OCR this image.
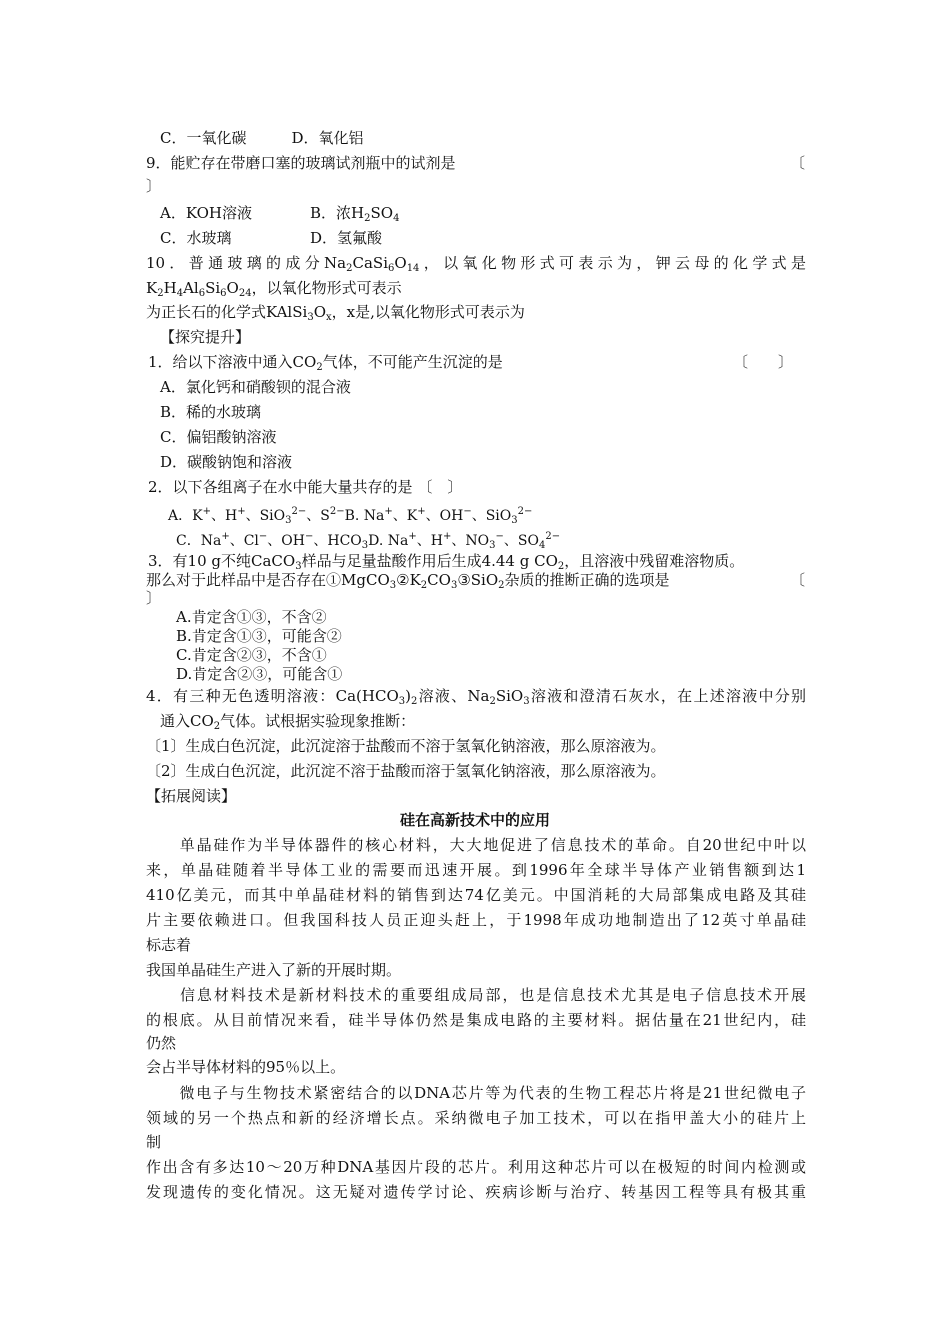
C．一氧化碳　　　D．氧化铝
9．能贮存在带磨口塞的玻璃试剂瓶中的试剂是	〔
〕
A．KOH溶液	B．浓$H_2SO_4$
C．水玻璃	D．氢氟酸
10．普通玻璃的成分$Na_2CaSi_6O_{14}$，以氧化物形式可表示为，钾云母的化学式是
$K_2H_4Al_6Si_6O_{24}$，以氧化物形式可表示
为正长石的化学式$KAlSi_3O_x$，x是,以氧化物形式可表示为
【探究提升】
1．给以下溶液中通入$CO_2$气体，不可能产生沉淀的是	〔　　〕
A．氯化钙和硝酸钡的混合液
B．稀的水玻璃
C．偏铝酸钠溶液
D．碳酸钠饱和溶液
2．以下各组离子在水中能大量共存的是 〔　〕
A．K+、H+、SiO$_3^{2-}$、$S^{2-}B$. Na+、K+、OH−、SiO$_3^{2-}$
C．Na+、Cl−、OH−、$HCO_3D$. Na+、H+、$NO_3^-$、$SO_4^{2-}$
3．有10 g不纯CaCO$_3$样品与足量盐酸作用后生成4.44 g $CO_2$，且溶液中残留难溶物质。
那么对于此样品中是否存在$①MgCO_3②K_2CO_3③SiO_2$杂质的推断正确的选项是	〔
〕
A.肯定含①③，不含②
B.肯定含①③，可能含②
C.肯定含②③，不含①
D.肯定含②③，可能含①
4．有三种无色透明溶液：$Ca(HCO_3)_2$溶液、$Na_2SiO_3$溶液和澄清石灰水，在上述溶液中分别
通入$CO_2$气体。试根据实验现象推断：
〔1〕生成白色沉淀，此沉淀溶于盐酸而不溶于氢氧化钠溶液，那么原溶液为。
〔2〕生成白色沉淀，此沉淀不溶于盐酸而溶于氢氧化钠溶液，那么原溶液为。
【拓展阅读】
硅在高新技术中的应用
　　单晶硅作为半导体器件的核心材料，大大地促进了信息技术的革命。自20世纪中叶以
来，单晶硅随着半导体工业的需要而迅速开展。到1996年全球半导体产业销售额到达1
410亿美元，而其中单晶硅材料的销售到达74亿美元。中国消耗的大局部集成电路及其硅
片主要依赖进口。但我国科技人员正迎头赶上，于1998年成功地制造出了12英寸单晶硅
标志着
我国单晶硅生产进入了新的开展时期。
　　信息材料技术是新材料技术的重要组成局部，也是信息技术尤其是电子信息技术开展
的根底。从目前情况来看，硅半导体仍然是集成电路的主要材料。据估量在21世纪内，硅
仍然
会占半导体材料的95％以上。
　　微电子与生物技术紧密结合的以DNA芯片等为代表的生物工程芯片将是21世纪微电子
领域的另一个热点和新的经济增长点。采纳微电子加工技术，可以在指甲盖大小的硅片上
制
作出含有多达10～20万种DNA基因片段的芯片。利用这种芯片可以在极短的时间内检测或
发现遗传的变化情况。这无疑对遗传学讨论、疾病诊断与治疗、转基因工程等具有极其重
